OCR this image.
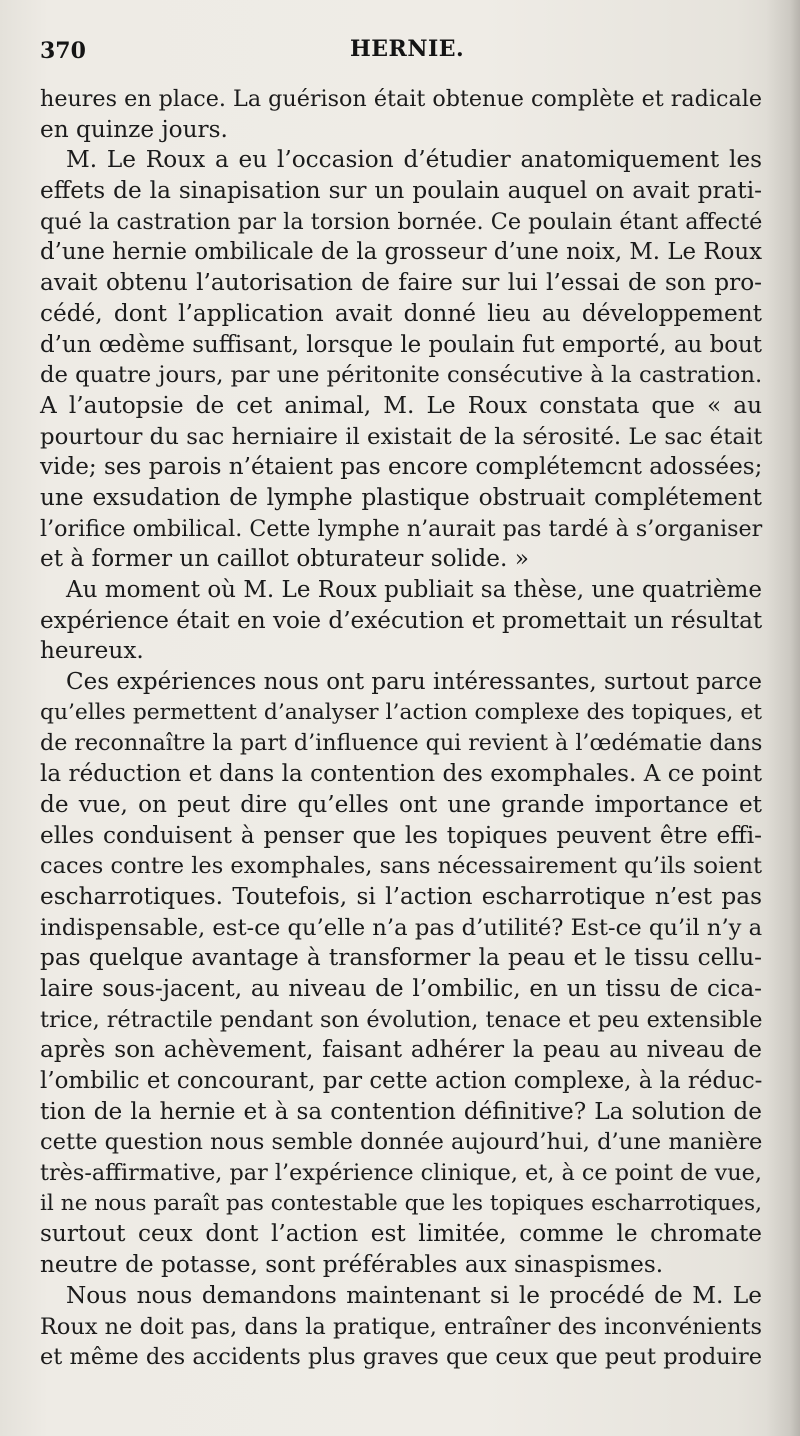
370	HERNIE.
heures en place. La guérison était obtenue complète et radicale
en quinze jours.
M. Le Roux a eu l’occasion d’étudier anatomiquement les
effets de la sinapisation sur un poulain auquel on avait prati-
qué la castration par la torsion bornée. Ce poulain étant affecté
d’une hernie ombilicale de la grosseur d’une noix, M. Le Roux
avait obtenu l’autorisation de faire sur lui l’essai de son pro-
cédé, dont l’application avait donné lieu au développement
d’un œdème suffisant, lorsque le poulain fut emporté, au bout
de quatre jours, par une péritonite consécutive à la castration.
A l’autopsie de cet animal, M. Le Roux constata que « au
pourtour du sac herniaire il existait de la sérosité. Le sac était
vide; ses parois n’étaient pas encore complétemcnt adossées;
une exsudation de lymphe plastique obstruait complétement
l’orifice ombilical. Cette lymphe n’aurait pas tardé à s’organiser
et à former un caillot obturateur solide. »
Au moment où M. Le Roux publiait sa thèse, une quatrième
expérience était en voie d’exécution et promettait un résultat
heureux.
Ces expériences nous ont paru intéressantes, surtout parce
qu’elles permettent d’analyser l’action complexe des topiques, et
de reconnaître la part d’influence qui revient à l’œdématie dans
la réduction et dans la contention des exomphales. A ce point
de vue, on peut dire qu’elles ont une grande importance et
elles conduisent à penser que les topiques peuvent être effi-
caces contre les exomphales, sans nécessairement qu’ils soient
escharrotiques. Toutefois, si l’action escharrotique n’est pas
indispensable, est-ce qu’elle n’a pas d’utilité? Est-ce qu’il n’y a
pas quelque avantage à transformer la peau et le tissu cellu-
laire sous-jacent, au niveau de l’ombilic, en un tissu de cica-
trice, rétractile pendant son évolution, tenace et peu extensible
après son achèvement, faisant adhérer la peau au niveau de
l’ombilic et concourant, par cette action complexe, à la réduc-
tion de la hernie et à sa contention définitive? La solution de
cette question nous semble donnée aujourd’hui, d’une manière
très-affirmative, par l’expérience clinique, et, à ce point de vue,
il ne nous paraît pas contestable que les topiques escharrotiques,
surtout ceux dont l’action est limitée, comme le chromate
neutre de potasse, sont préférables aux sinaspismes.
Nous nous demandons maintenant si le procédé de M. Le
Roux ne doit pas, dans la pratique, entraîner des inconvénients
et même des accidents plus graves que ceux que peut produire
